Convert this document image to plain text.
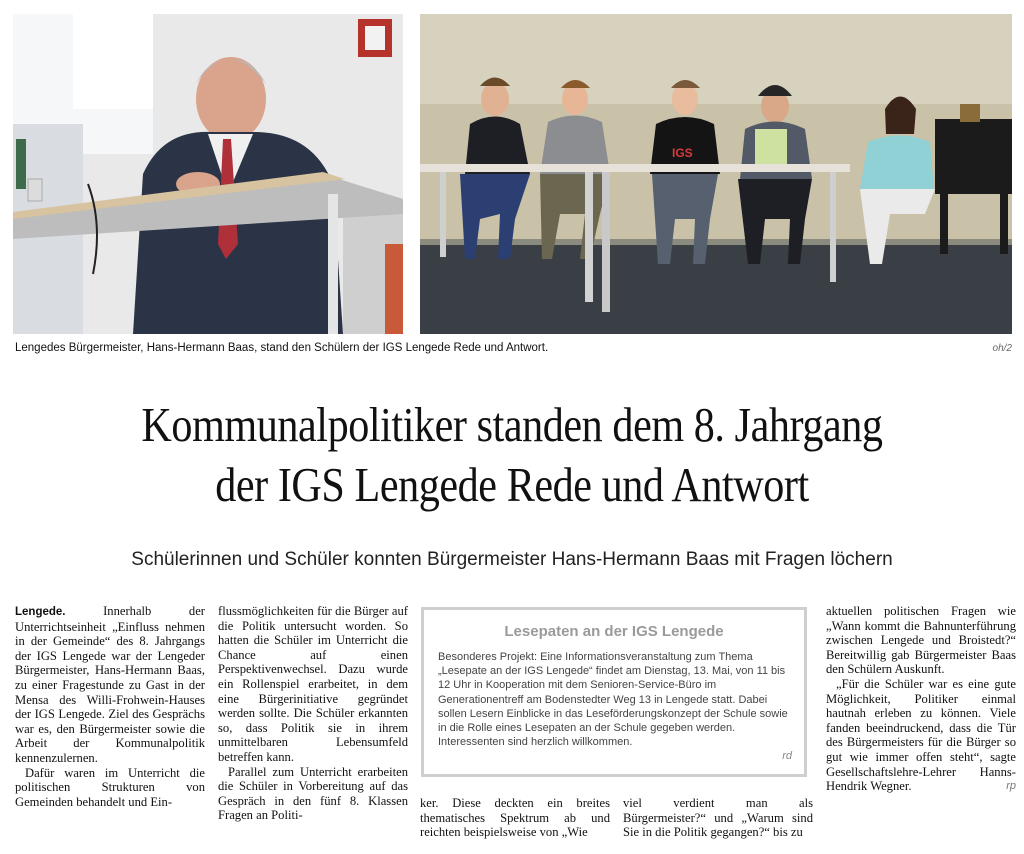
IGS
Lengedes Bürgermeister, Hans-Hermann Baas, stand den Schülern der IGS Lengede Rede und Antwort.	oh/2
Kommunalpolitiker standen dem 8. Jahrgang
der IGS Lengede Rede und Antwort
Schülerinnen und Schüler konnten Bürgermeister Hans-Hermann Baas mit Fragen löchern

Lengede.	Innerhalb der Unterrichtseinheit „Einfluss nehmen in der Gemeinde“ des 8. Jahrgangs der IGS Lengede war der Lengeder Bürgermeister, Hans-Hermann Baas, zu einer Fragestunde zu Gast in der Mensa des Willi-Frohwein-Hauses der IGS Lengede. Ziel des Gesprächs war es, den Bürgermeister sowie die Arbeit der Kommunalpolitik kennenzulernen.

Dafür waren im Unterricht die politischen Strukturen von Gemeinden behandelt und Ein-

flussmöglichkeiten für die Bürger auf die Politik untersucht worden. So hatten die Schüler im Unterricht die Chance auf einen Perspektivenwechsel. Dazu wurde ein Rollenspiel erarbeitet, in dem eine Bürgerinitiative gegründet werden sollte. Die Schüler erkannten so, dass Politik sie in ihrem unmittelbaren Lebensumfeld betreffen kann.

Parallel zum Unterricht erarbeiten die Schüler in Vorbereitung auf das Gespräch in den fünf 8. Klassen Fragen an Politi-

Lesepaten an der IGS Lengede
Besonderes Projekt: Eine Informationsveranstaltung zum Thema „Lesepate an der IGS Lengede“ findet am Dienstag, 13. Mai, von 11 bis 12 Uhr in Kooperation mit dem Senioren-Service-Büro im Generationentreff am Bodenstedter Weg 13 in Lengede statt. Dabei sollen Lesern Einblicke in das Leseförderungskonzept der Schule sowie in die Rolle eines Lesepaten an der Schule gegeben werden. Interessenten sind herzlich willkommen.
rd

ker. Diese deckten ein breites thematisches Spektrum ab und reichten beispielsweise von „Wie

viel verdient man als Bürgermeister?“ und „Warum sind Sie in die Politik gegangen?“ bis zu

aktuellen politischen Fragen wie „Wann kommt die Bahnunterführung zwischen Lengede und Broistedt?“ Bereitwillig gab Bürgermeister Baas den Schülern Auskunft.

„Für die Schüler war es eine gute Möglichkeit, Politiker einmal hautnah erleben zu können. Viele fanden beeindruckend, dass die Tür des Bürgermeisters für die Bürger so gut wie immer offen steht“, sagte Gesellschaftslehre-Lehrer Hanns-Hendrik Wegner.	rp
